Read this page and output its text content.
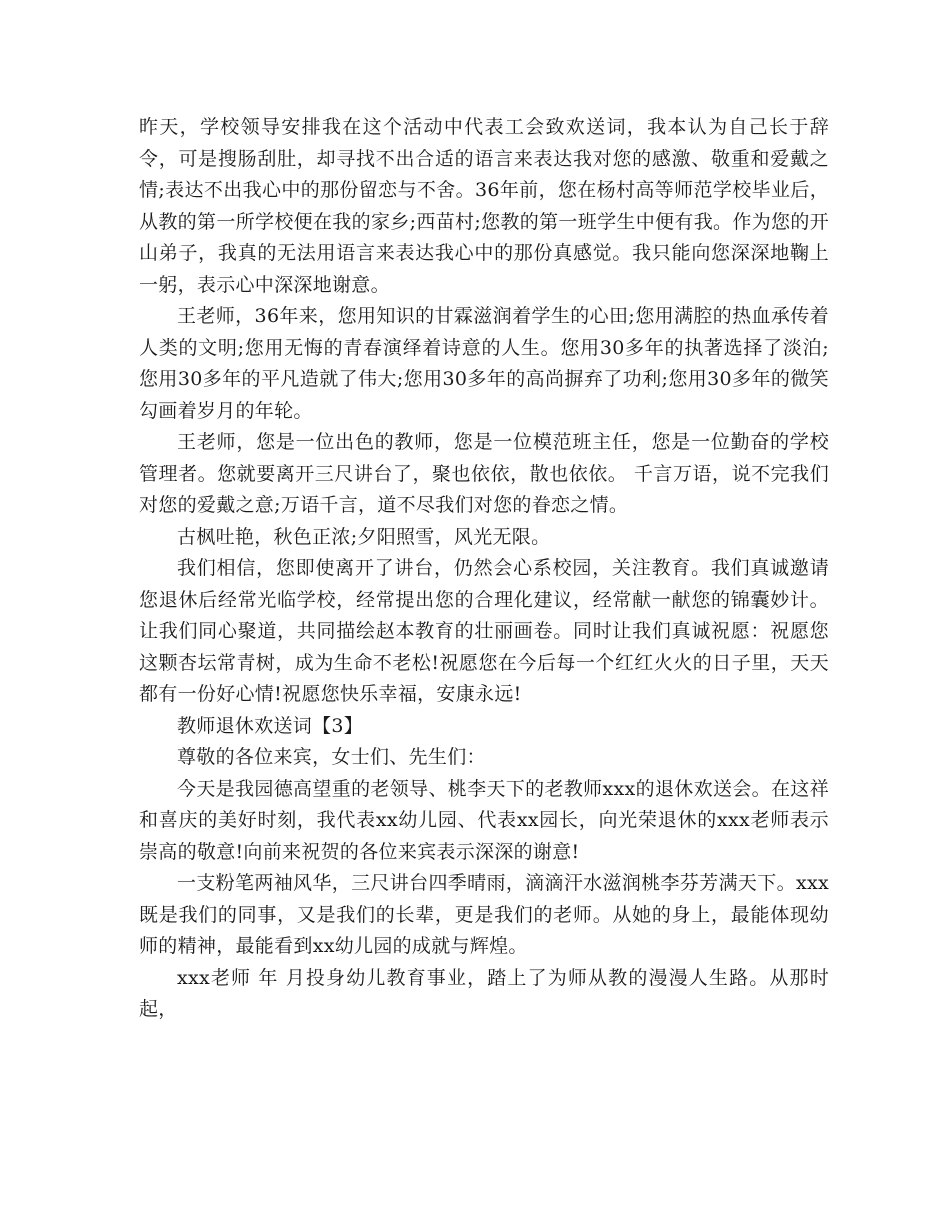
昨天，学校领导安排我在这个活动中代表工会致欢送词，我本认为自己长于辞令，可是搜肠刮肚，却寻找不出合适的语言来表达我对您的感激、敬重和爱戴之情;表达不出我心中的那份留恋与不舍。36年前，您在杨村高等师范学校毕业后，从教的第一所学校便在我的家乡;西苗村;您教的第一班学生中便有我。作为您的开山弟子，我真的无法用语言来表达我心中的那份真感觉。我只能向您深深地鞠上一躬，表示心中深深地谢意。

王老师，36年来，您用知识的甘霖滋润着学生的心田;您用满腔的热血承传着人类的文明;您用无悔的青春演绎着诗意的人生。您用30多年的执著选择了淡泊;您用30多年的平凡造就了伟大;您用30多年的高尚摒弃了功利;您用30多年的微笑勾画着岁月的年轮。

王老师，您是一位出色的教师，您是一位模范班主任，您是一位勤奋的学校管理者。您就要离开三尺讲台了，聚也依依，散也依依。 千言万语，说不完我们对您的爱戴之意;万语千言，道不尽我们对您的眷恋之情。

古枫吐艳，秋色正浓;夕阳照雪，风光无限。

我们相信，您即使离开了讲台，仍然会心系校园，关注教育。我们真诚邀请您退休后经常光临学校，经常提出您的合理化建议，经常献一献您的锦囊妙计。让我们同心聚道，共同描绘赵本教育的壮丽画卷。同时让我们真诚祝愿：祝愿您这颗杏坛常青树，成为生命不老松!祝愿您在今后每一个红红火火的日子里，天天都有一份好心情!祝愿您快乐幸福，安康永远!

教师退休欢送词【3】

尊敬的各位来宾，女士们、先生们：

今天是我园德高望重的老领导、桃李天下的老教师xxx的退休欢送会。在这祥和喜庆的美好时刻，我代表xx幼儿园、代表xx园长，向光荣退休的xxx老师表示崇高的敬意!向前来祝贺的各位来宾表示深深的谢意!

一支粉笔两袖风华，三尺讲台四季晴雨，滴滴汗水滋润桃李芬芳满天下。xxx既是我们的同事，又是我们的长辈，更是我们的老师。从她的身上，最能体现幼师的精神，最能看到xx幼儿园的成就与辉煌。

xxx老师 年 月投身幼儿教育事业，踏上了为师从教的漫漫人生路。从那时起，
